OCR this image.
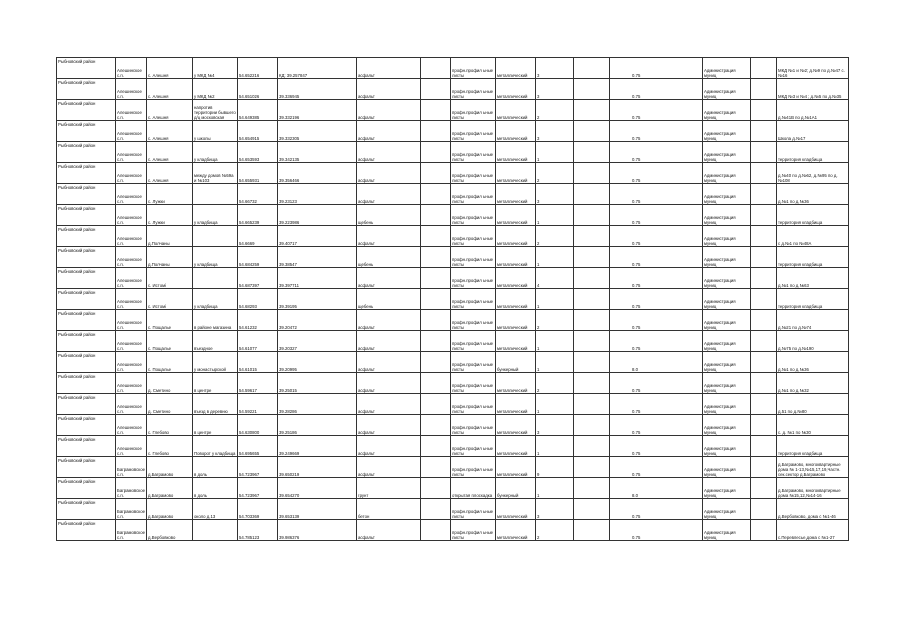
Рыбновский район	Алешинское с.п.	с. Алешня	у МКД №4	54.652216	КД: 39.257847	асфальт		профн.профил ьные листы	металлический	3		0.75	Администрация муниц		МКД №1 и №2; д.№9 по д.№47 с.№16
Рыбновский район	Алешинское с.п.	с. Алешня	у МКД №2	54.651026	39.336945	асфальт		профн.профил ьные листы	металлический	3		0.75	Администрация муниц		МКД №3 и №4 ; д.№5 по д.№35
Рыбновский район	Алешинское с.п.	с. Алешня	напротив территории бывшего д/ц московская	54.649385	39.332196	асфальт		профн.профил ьные листы	металлический	2		0.75	Администрация муниц		д.№41В по д.№1А1
Рыбновский район	Алешинское с.п.	с. Алешня	у школы	54.654915	39.332305	асфальт		профн.профил ьные листы	металлический	3		0.75	Администрация муниц		Школа д.№17
Рыбновский район	Алешинское с.п.	с. Алешня	у кладбища	54.653593	39.342135	асфальт		профн.профил ьные листы	металлический	1		0.75	Администрация муниц		территория кладбища
Рыбновский район	Алешинское с.п.	с. Алешня	между домов №59а и №103	54.655931	39.356466	асфальт		профн.профил ьные листы	металлический	2		0.75	Администрация муниц		д.№40 по д.№62, д.№95 по д.№108
Рыбновский район	Алешинское с.п.	с. Лужки		54.66732	39.23123	асфальт		профн.профил ьные листы	металлический	3		0.75	Администрация муниц		д.№1 по д.№36
Рыбновский район	Алешинское с.п.	с. Лужки	у кладбища	54.665239	39.223986	щебень		профн.профил ьные листы	металлический	1		0.75	Администрация муниц		территория кладбища
Рыбновский район	Алешинское с.п.	д.Полчаны		54.6669	39.40717	асфальт		профн.профил ьные листы	металлический	2		0.75	Администрация муниц		с д.№1 по №48А
Рыбновский район	Алешинское с.п.	д.Полчаны	у кладбища	54.684259	39.38547	щебень		профн.профил ьные листы	металлический	1		0.75	Администрация муниц		территория кладбища
Рыбновский район	Алешинское с.п.	с. Истомі		54.687397	39.397711	асфальт		профн.профил ьные листы	металлический	4		0.75	Администрация муниц		д.№1 по д.№63
Рыбновский район	Алешинское с.п.	с. Истомі	у кладбища	54.68293	39.39195	щебень		профн.профил ьные листы	металлический	1		0.75	Администрация муниц		территория кладбища
Рыбновский район	Алешинское с.п.	с. Пощалье	в районе магазина	54.61232	39.20472	асфальт		профн.профил ьные листы	металлический	2		0.75	Администрация муниц		д.№21 по д.№74
Рыбновский район	Алешинское с.п.	с. Пощалье	въездное	54.61077	39.20327	асфальт		профн.профил ьные листы	металлический	1		0.75	Администрация муниц		д.№75 по д.№190
Рыбновский район	Алешинское с.п.	с. Пощалье	у монастырской	54.61015	39.20995	асфальт		профн.профил ьные листы	бункерный	1		8.0	Администрация муниц		д.№1 по д.№36
Рыбновский район	Алешинское с.п.	д. Сметино	в центре	54.59617	39.25015	асфальт		профн.профил ьные листы	металлический	2		0.75	Администрация муниц		д.№1 по д.№32
Рыбновский район	Алешинское с.п.	д. Сметино	въезд в деревню	54.59221	39.28286	асфальт		профн.профил ьные листы	металлический	1		0.75	Администрация муниц		д.51 по д.№80
Рыбновский район	Алешинское с.п.	с. Глебово	в центре	54.630800	39.25186	асфальт		профн.профил ьные листы	металлический	3		0.75	Администрация муниц		с. д. №1 по №30
Рыбновский район	Алешинское с.п.	с. Глебово	Поворот у кладбища	54.695655	39.249669	асфальт		профн.профил ьные листы	металлический	1		0.75	Администрация муниц		территория кладбища
Рыбновский район	Баграмовское с.п.	д.Баграмово	в доль	54.723967	39.650219	асфальт		профн.профил ьные листы	металлический	9		0.75	Администрация муниц		д.Баграмово, многоквартирные дома № 1-13,№15,17,19,Частн. сек.сектор д.Баграмово
Рыбновский район	Баграмовское с.п.	д.Баграмово	в доль	54.723967	39.654270	грунт		открытая плоскадка	бункерный	1		8.0	Администрация муниц		д.Баграмово, многоквартирные дома №15,12,№14-16
Рыбновский район	Баграмовское с.п.	д.Баграмово	около д.13	54.703369	39.653139	бетон		профн.профил ьные листы	металлический	3		0.75	Администрация муниц		д.Вербовково, дома с №1-46
Рыбновский район	Баграмовское с.п.	д.Вербовково		54.785123	39.986376	асфальт		профн.профил ьные листы	металлический	2		0.75	Администрация муниц		с.Перевлесье,дома с №1-27
